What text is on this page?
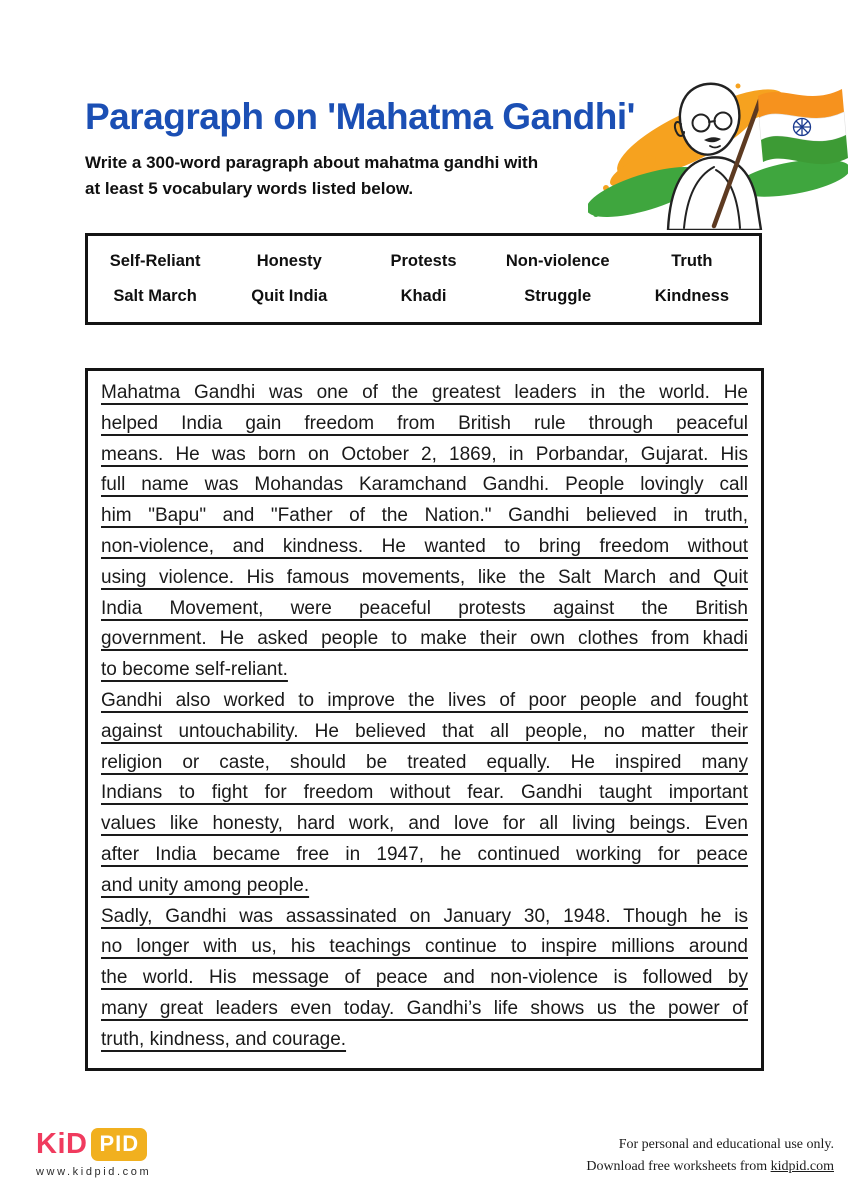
Paragraph on 'Mahatma Gandhi'

Write a 300-word paragraph about mahatma gandhi with
at least 5 vocabulary words listed below.

Self-Reliant	Honesty	Protests	Non-violence	Truth
Salt March	Quit India	Khadi	Struggle	Kindness
Mahatma Gandhi was one of the greatest leaders in the world. He
helped India gain freedom from British rule through peaceful
means. He was born on October 2, 1869, in Porbandar, Gujarat. His
full name was Mohandas Karamchand Gandhi. People lovingly call
him "Bapu" and "Father of the Nation." Gandhi believed in truth,
non-violence, and kindness. He wanted to bring freedom without
using violence. His famous movements, like the Salt March and Quit
India Movement, were peaceful protests against the British
government. He asked people to make their own clothes from khadi
to become self-reliant.
Gandhi also worked to improve the lives of poor people and fought
against untouchability. He believed that all people, no matter their
religion or caste, should be treated equally. He inspired many
Indians to fight for freedom without fear. Gandhi taught important
values like honesty, hard work, and love for all living beings. Even
after India became free in 1947, he continued working for peace
and unity among people.
Sadly, Gandhi was assassinated on January 30, 1948. Though he is
no longer with us, his teachings continue to inspire millions around
the world. His message of peace and non-violence is followed by
many great leaders even today. Gandhi’s life shows us the power of
truth, kindness, and courage.
KiD PID
www.kidpid.com
For personal and educational use only.
Download free worksheets from kidpid.com
